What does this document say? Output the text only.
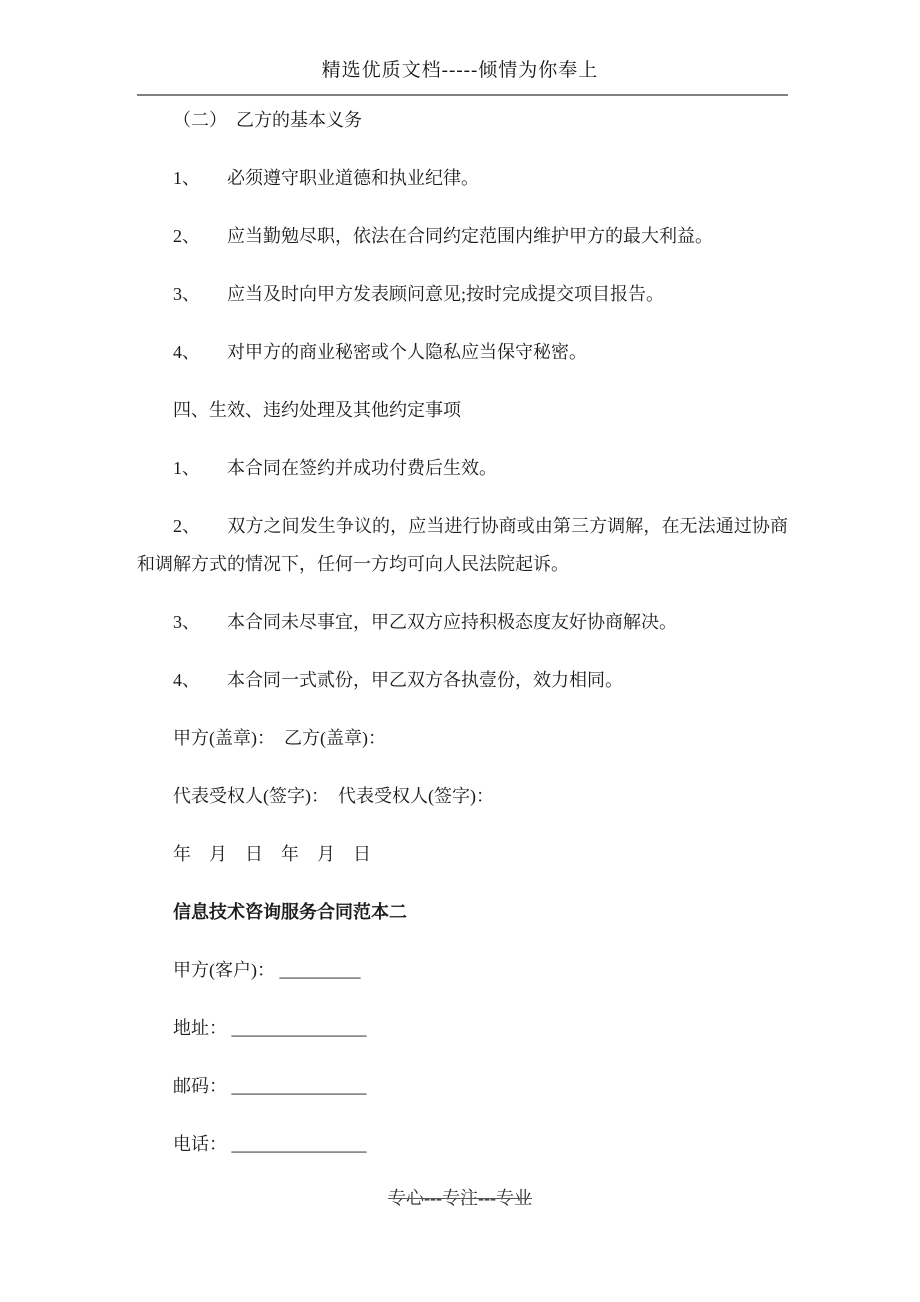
精选优质文档-----倾情为你奉上

（二）　乙方的基本义务

1、　　必须遵守职业道德和执业纪律。

2、　　应当勤勉尽职，依法在合同约定范围内维护甲方的最大利益。

3、　　应当及时向甲方发表顾问意见;按时完成提交项目报告。

4、　　对甲方的商业秘密或个人隐私应当保守秘密。

四、生效、违约处理及其他约定事项

1、　　本合同在签约并成功付费后生效。

2、　　双方之间发生争议的，应当进行协商或由第三方调解，在无法通过协商和调解方式的情况下，任何一方均可向人民法院起诉。

3、　　本合同未尽事宜，甲乙双方应持积极态度友好协商解决。

4、　　本合同一式贰份，甲乙双方各执壹份，效力相同。

甲方(盖章)：　乙方(盖章)：

代表受权人(签字)：　代表受权人(签字)：

年　月　日　年　月　日

信息技术咨询服务合同范本二

甲方(客户)： _________

地址： _______________

邮码： _______________

电话： _______________

专心---专注---专业
